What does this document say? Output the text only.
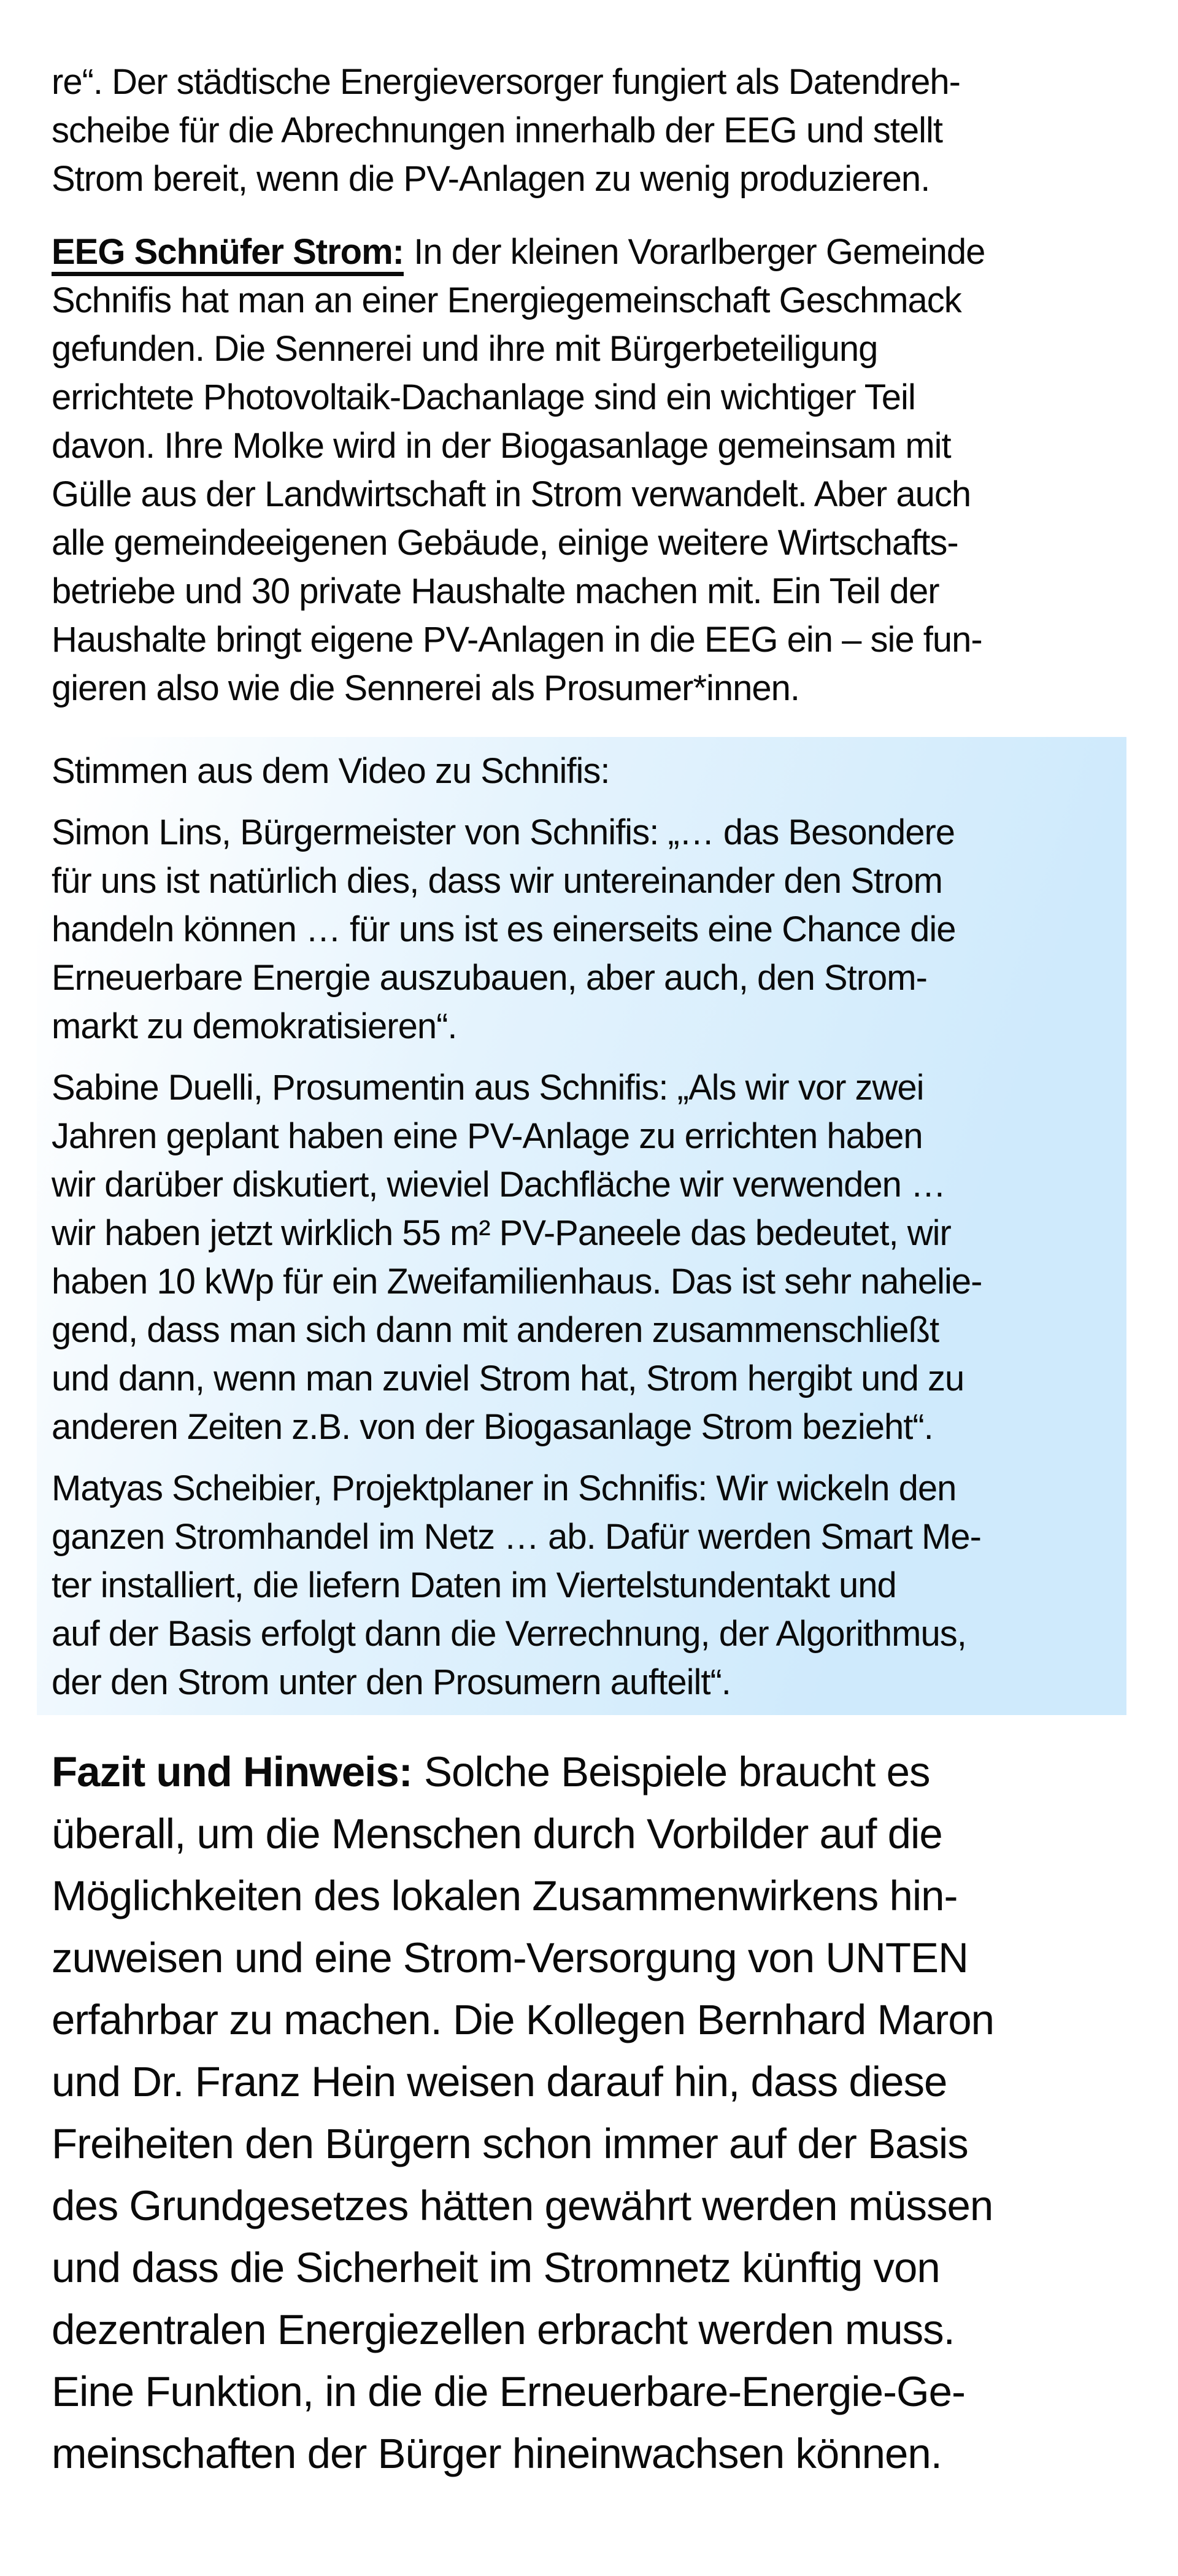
re“. Der städtische Energieversorger fungiert als Datendreh-
scheibe für die Abrechnungen innerhalb der EEG und stellt
Strom bereit, wenn die PV-Anlagen zu wenig produzieren.
EEG Schnüfer Strom: In der kleinen Vorarlberger Gemeinde
Schnifis hat man an einer Energiegemeinschaft Geschmack
gefunden. Die Sennerei und ihre mit Bürgerbeteiligung
errichtete Photovoltaik-Dachanlage sind ein wichtiger Teil
davon. Ihre Molke wird in der Biogasanlage gemeinsam mit
Gülle aus der Landwirtschaft in Strom verwandelt. Aber auch
alle gemeindeeigenen Gebäude, einige weitere Wirtschafts-
betriebe und 30 private Haushalte machen mit. Ein Teil der
Haushalte bringt eigene PV-Anlagen in die EEG ein – sie fun-
gieren also wie die Sennerei als Prosumer*innen.
Stimmen aus dem Video zu Schnifis:
Simon Lins, Bürgermeister von Schnifis: „… das Besondere
für uns ist natürlich dies, dass wir untereinander den Strom
handeln können … für uns ist es einerseits eine Chance die
Erneuerbare Energie auszubauen, aber auch, den Strom-
markt zu demokratisieren“.
Sabine Duelli, Prosumentin aus Schnifis: „Als wir vor zwei
Jahren geplant haben eine PV-Anlage zu errichten haben
wir darüber diskutiert, wieviel Dachfläche wir verwenden …
wir haben jetzt wirklich 55 m² PV-Paneele das bedeutet, wir
haben 10 kWp für ein Zweifamilienhaus. Das ist sehr nahelie-
gend, dass man sich dann mit anderen zusammenschließt
und dann, wenn man zuviel Strom hat, Strom hergibt und zu
anderen Zeiten z.B. von der Biogasanlage Strom bezieht“.
Matyas Scheibier, Projektplaner in Schnifis: Wir wickeln den
ganzen Stromhandel im Netz … ab. Dafür werden Smart Me-
ter installiert, die liefern Daten im Viertelstundentakt und
auf der Basis erfolgt dann die Verrechnung, der Algorithmus,
der den Strom unter den Prosumern aufteilt“.
Fazit und Hinweis: Solche Beispiele braucht es
überall, um die Menschen durch Vorbilder auf die
Möglichkeiten des lokalen Zusammenwirkens hin-
zuweisen und eine Strom-Versorgung von UNTEN
erfahrbar zu machen. Die Kollegen Bernhard Maron
und Dr. Franz Hein weisen darauf hin, dass diese
Freiheiten den Bürgern schon immer auf der Basis
des Grundgesetzes hätten gewährt werden müssen
und dass die Sicherheit im Stromnetz künftig von
dezentralen Energiezellen erbracht werden muss.
Eine Funktion, in die die Erneuerbare-Energie-Ge-
meinschaften der Bürger hineinwachsen können.
